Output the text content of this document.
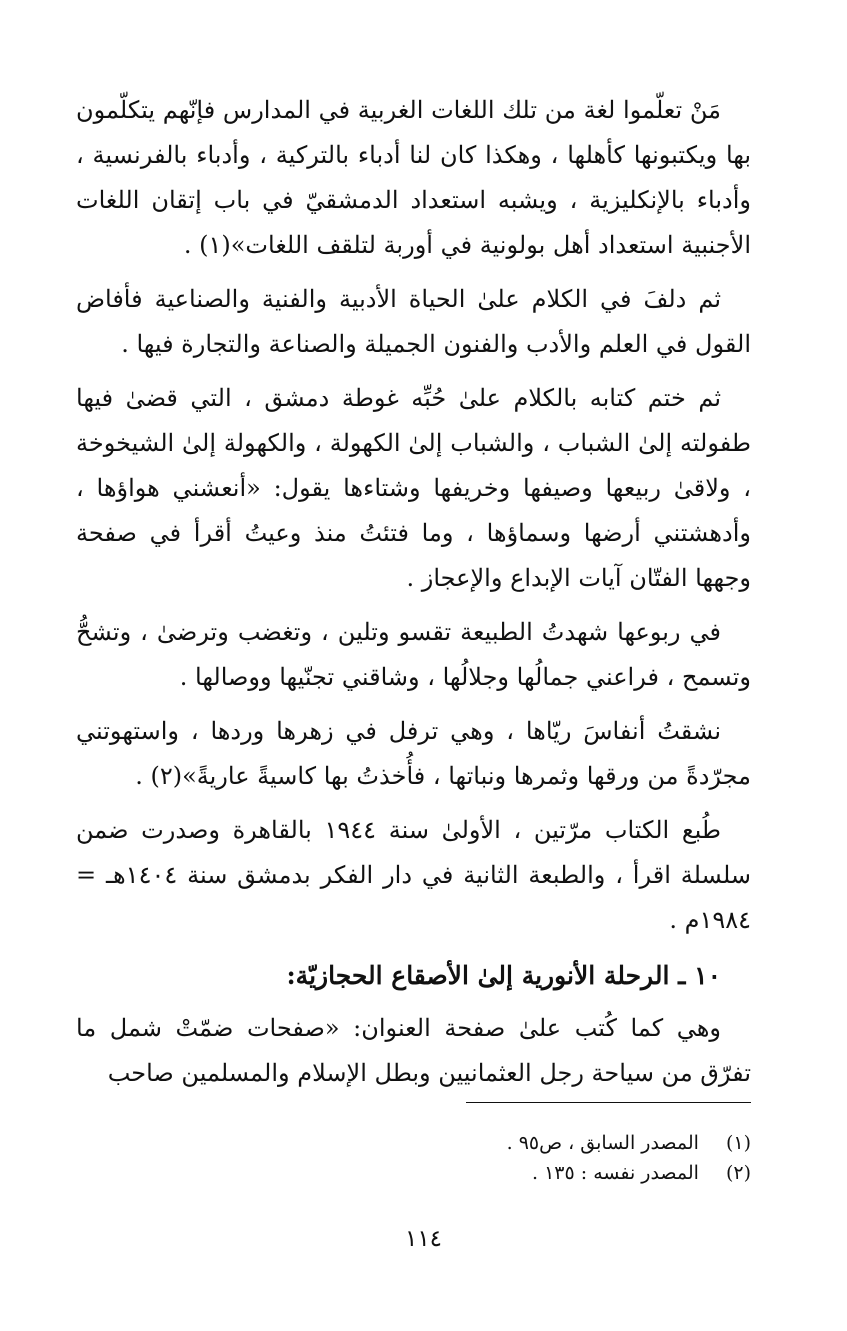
مَنْ تعلّموا لغة من تلك اللغات الغربية في المدارس فإنّهم يتكلّمون بها ويكتبونها كأهلها ، وهكذا كان لنا أدباء بالتركية ، وأدباء بالفرنسية ، وأدباء بالإنكليزية ، ويشبه استعداد الدمشقيّ في باب إتقان اللغات الأجنبية استعداد أهل بولونية في أوربة لتلقف اللغات»(١) .

ثم دلفَ في الكلام علىٰ الحياة الأدبية والفنية والصناعية فأفاض القول في العلم والأدب والفنون الجميلة والصناعة والتجارة فيها .

ثم ختم كتابه بالكلام علىٰ حُبِّه غوطة دمشق ، التي قضىٰ فيها طفولته إلىٰ الشباب ، والشباب إلىٰ الكهولة ، والكهولة إلىٰ الشيخوخة ، ولاقىٰ ربيعها وصيفها وخريفها وشتاءها يقول: «أنعشني هواؤها ، وأدهشتني أرضها وسماؤها ، وما فتئتُ منذ وعيتُ أقرأ في صفحة وجهها الفتّان آيات الإبداع والإعجاز .

في ربوعها شهدتُ الطبيعة تقسو وتلين ، وتغضب وترضىٰ ، وتشحُّ وتسمح ، فراعني جمالُها وجلالُها ، وشاقني تجنّيها ووصالها .

نشقتُ أنفاسَ ريّاها ، وهي ترفل في زهرها وردها ، واستهوتني مجرّدةً من ورقها وثمرها ونباتها ، فأُخذتُ بها كاسيةً عاريةً»(٢) .

طُبع الكتاب مرّتين ، الأولىٰ سنة ١٩٤٤ بالقاهرة وصدرت ضمن سلسلة اقرأ ، والطبعة الثانية في دار الفكر بدمشق سنة ١٤٠٤هـ = ١٩٨٤م .

١٠ ـ الرحلة الأنورية إلىٰ الأصقاع الحجازيّة:

وهي كما كُتب علىٰ صفحة العنوان: «صفحات ضمّتْ شمل ما تفرّق من سياحة رجل العثمانيين وبطل الإسلام والمسلمين صاحب

(١) المصدر السابق ، ص٩٥ .

(٢) المصدر نفسه : ١٣٥ .

١١٤
